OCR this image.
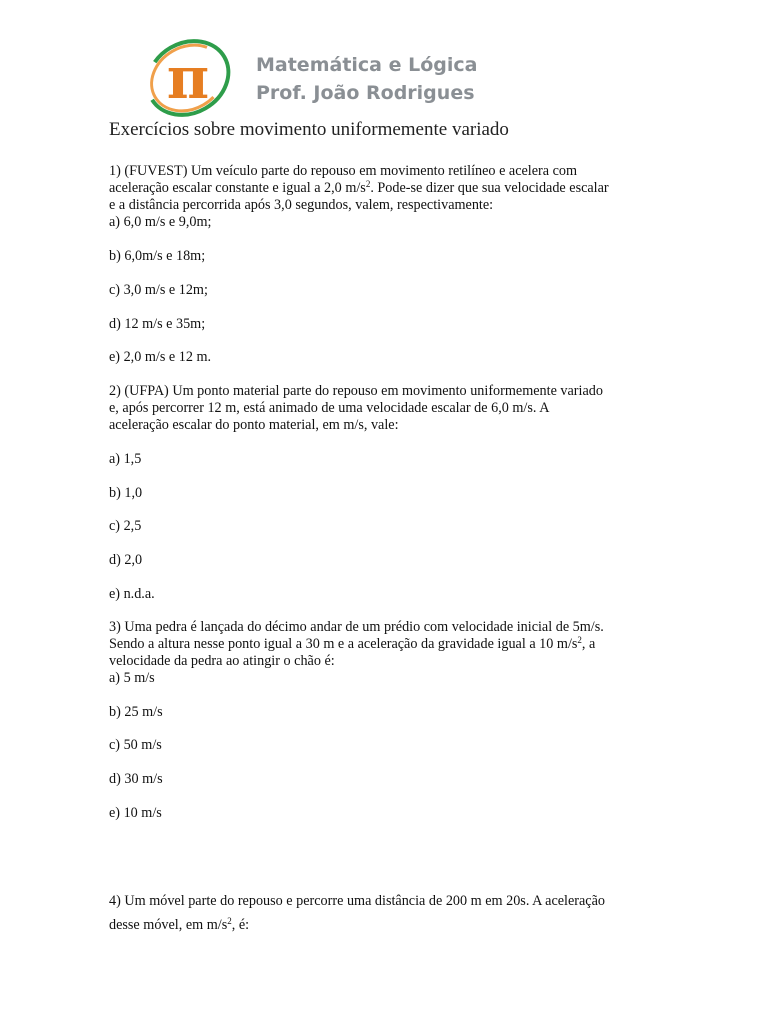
π Matemática e Lógica
Prof. João Rodrigues
Exercícios sobre movimento uniformemente variado
1) (FUVEST) Um veículo parte do repouso em movimento retilíneo e acelera com
aceleração escalar constante e igual a 2,0 $m/s^2$. Pode-se dizer que sua velocidade escalar
e a distância percorrida após 3,0 segundos, valem, respectivamente:
a) 6,0 m/s e 9,0m;
b) 6,0m/s e 18m;
c) 3,0 m/s e 12m;
d) 12 m/s e 35m;
e) 2,0 m/s e 12 m.
2) (UFPA) Um ponto material parte do repouso em movimento uniformemente variado
e, após percorrer 12 m, está animado de uma velocidade escalar de 6,0 m/s. A
aceleração escalar do ponto material, em m/s, vale:
a) 1,5
b) 1,0
c) 2,5
d) 2,0
e) n.d.a.
3) Uma pedra é lançada do décimo andar de um prédio com velocidade inicial de 5m/s.
Sendo a altura nesse ponto igual a 30 m e a aceleração da gravidade igual a 10 $m/s^2$, a
velocidade da pedra ao atingir o chão é:
a) 5 m/s
b) 25 m/s
c) 50 m/s
d) 30 m/s
e) 10 m/s
4) Um móvel parte do repouso e percorre uma distância de 200 m em 20s. A aceleração
desse móvel, em $m/s^2$, é:
